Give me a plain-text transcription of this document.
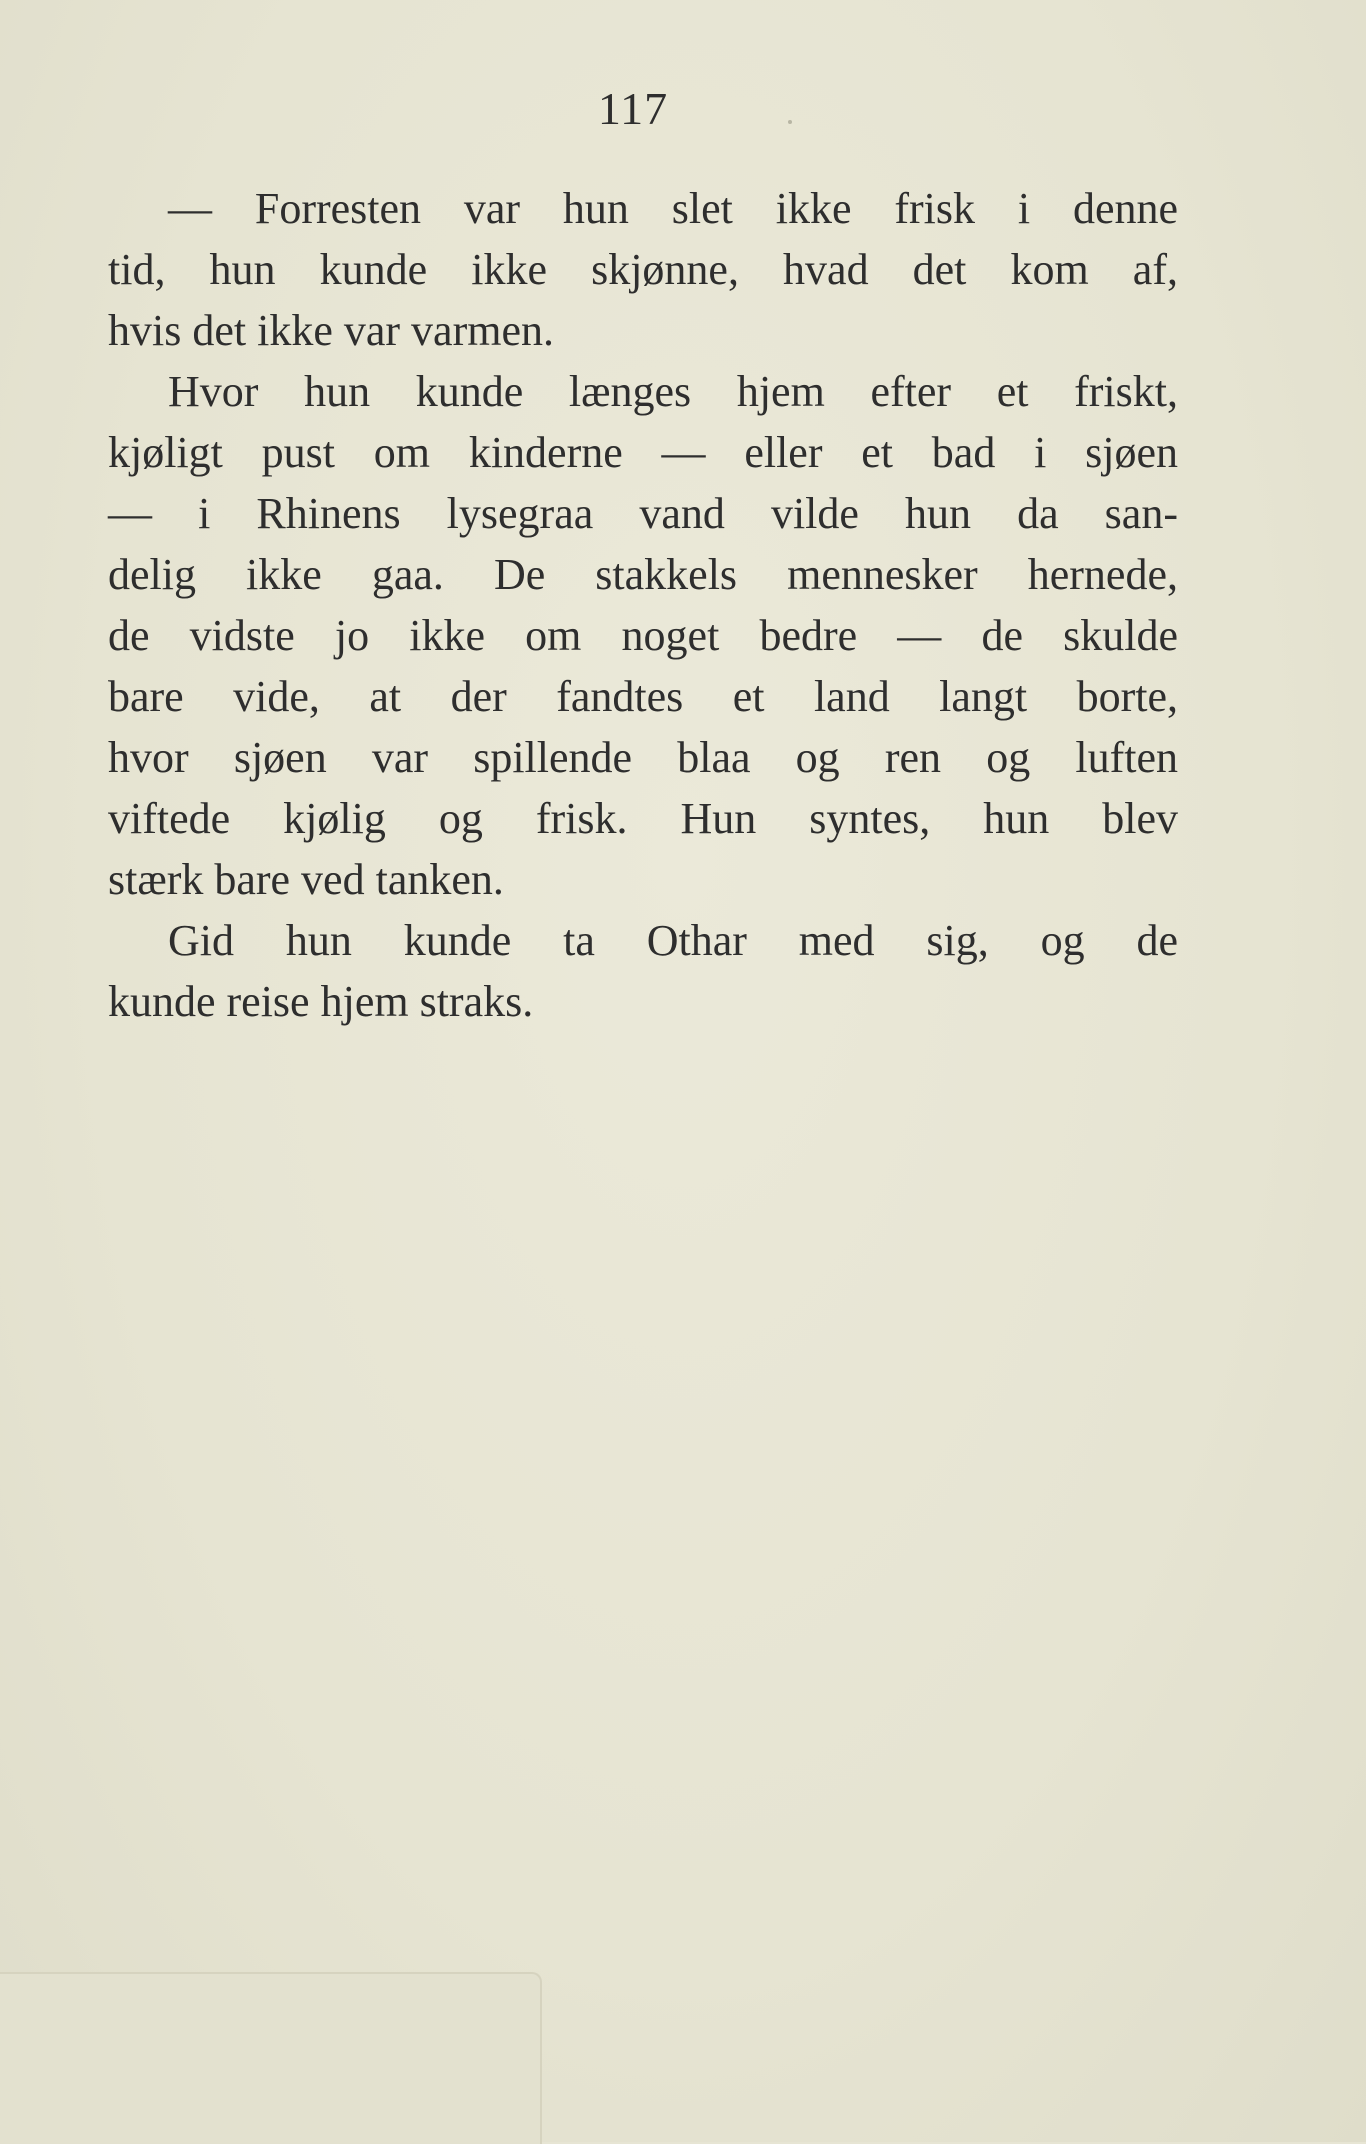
117
— Forresten var hun slet ikke frisk i denne
tid, hun kunde ikke skjønne, hvad det kom af,
hvis det ikke var varmen.
Hvor hun kunde længes hjem efter et friskt,
kjøligt pust om kinderne — eller et bad i sjøen
— i Rhinens lysegraa vand vilde hun da san-
delig ikke gaa. De stakkels mennesker hernede,
de vidste jo ikke om noget bedre — de skulde
bare vide, at der fandtes et land langt borte,
hvor sjøen var spillende blaa og ren og luften
viftede kjølig og frisk. Hun syntes, hun blev
stærk bare ved tanken.
Gid hun kunde ta Othar med sig, og de
kunde reise hjem straks.
